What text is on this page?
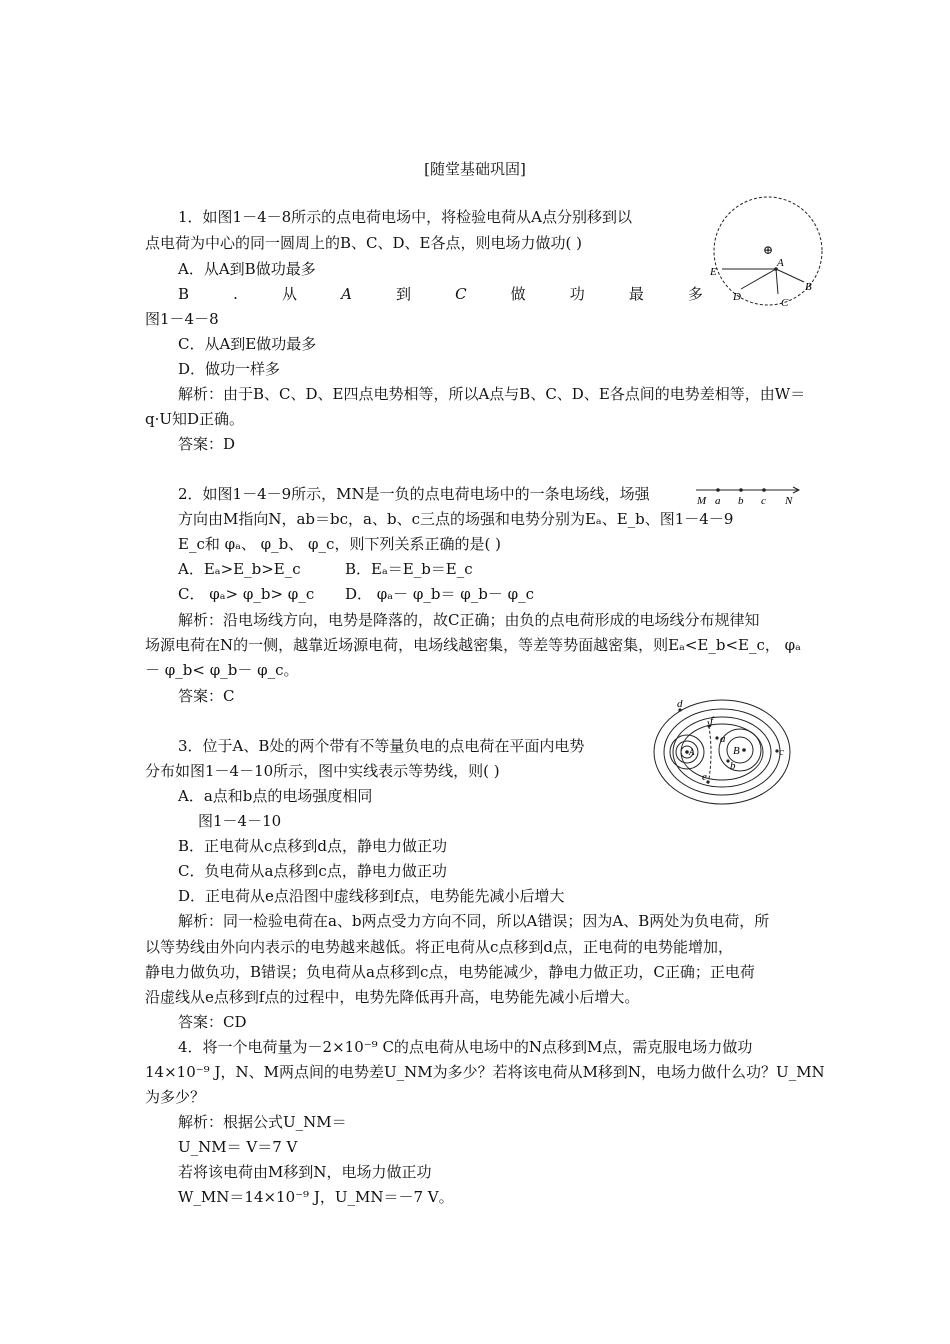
[随堂基础巩固]
1．如图1－4－8所示的点电荷电场中，将检验电荷从A点分别移到以
点电荷为中心的同一圆周上的B、C、D、E各点，则电场力做功( )
A．从A到B做功最多
B	.	从	A	到	C	做	功	最	多
图1－4－8
C．从A到E做功最多
D．做功一样多
解析：由于B、C、D、E四点电势相等，所以A点与B、C、D、E各点间的电势差相等，由W＝
q·U知D正确。
答案：D
⊕
E
A
B
C
D
2．如图1－4－9所示，MN是一负的点电荷电场中的一条电场线，场强
方向由M指向N，ab＝bc，a、b、c三点的场强和电势分别为Eₐ、E_b、图1－4－9
E_c和 φₐ、 φ_b、 φ_c，则下列关系正确的是( )
A．Eₐ>E_b>E_c	B．Eₐ＝E_b＝E_c
C． φₐ> φ_b> φ_c D． φₐ－ φ_b＝ φ_b－ φ_c
解析：沿电场线方向，电势是降落的，故C正确；由负的点电荷形成的电场线分布规律知
场源电荷在N的一侧，越靠近场源电荷，电场线越密集，等差等势面越密集，则Eₐ<E_b<E_c， φₐ
－ φ_b< φ_b－ φ_c。
答案：C
M a b c N
3．位于A、B处的两个带有不等量负电的点电荷在平面内电势
分布如图1－4－10所示，图中实线表示等势线，则( )
A．a点和b点的电场强度相同
图1－4－10
B．正电荷从c点移到d点，静电力做正功
C．负电荷从a点移到c点，静电力做正功
D．正电荷从e点沿图中虚线移到f点，电势能先减小后增大
解析：同一检验电荷在a、b两点受力方向不同，所以A错误；因为A、B两处为负电荷，所
以等势线由外向内表示的电势越来越低。将正电荷从c点移到d点，正电荷的电势能增加，
静电力做负功，B错误；负电荷从a点移到c点，电势能减少，静电力做正功，C正确；正电荷
沿虚线从e点移到f点的过程中，电势先降低再升高，电势能先减小后增大。
答案：CD
d
f
a
A	B
b
c
e
4．将一个电荷量为－2×10⁻⁹ C的点电荷从电场中的N点移到M点，需克服电场力做功
14×10⁻⁹ J，N、M两点间的电势差U_NM为多少？若将该电荷从M移到N，电场力做什么功？U_MN
为多少？
解析：根据公式U_NM＝
U_NM＝ V＝7 V
若将该电荷由M移到N，电场力做正功
W_MN＝14×10⁻⁹ J，U_MN＝－7 V。
